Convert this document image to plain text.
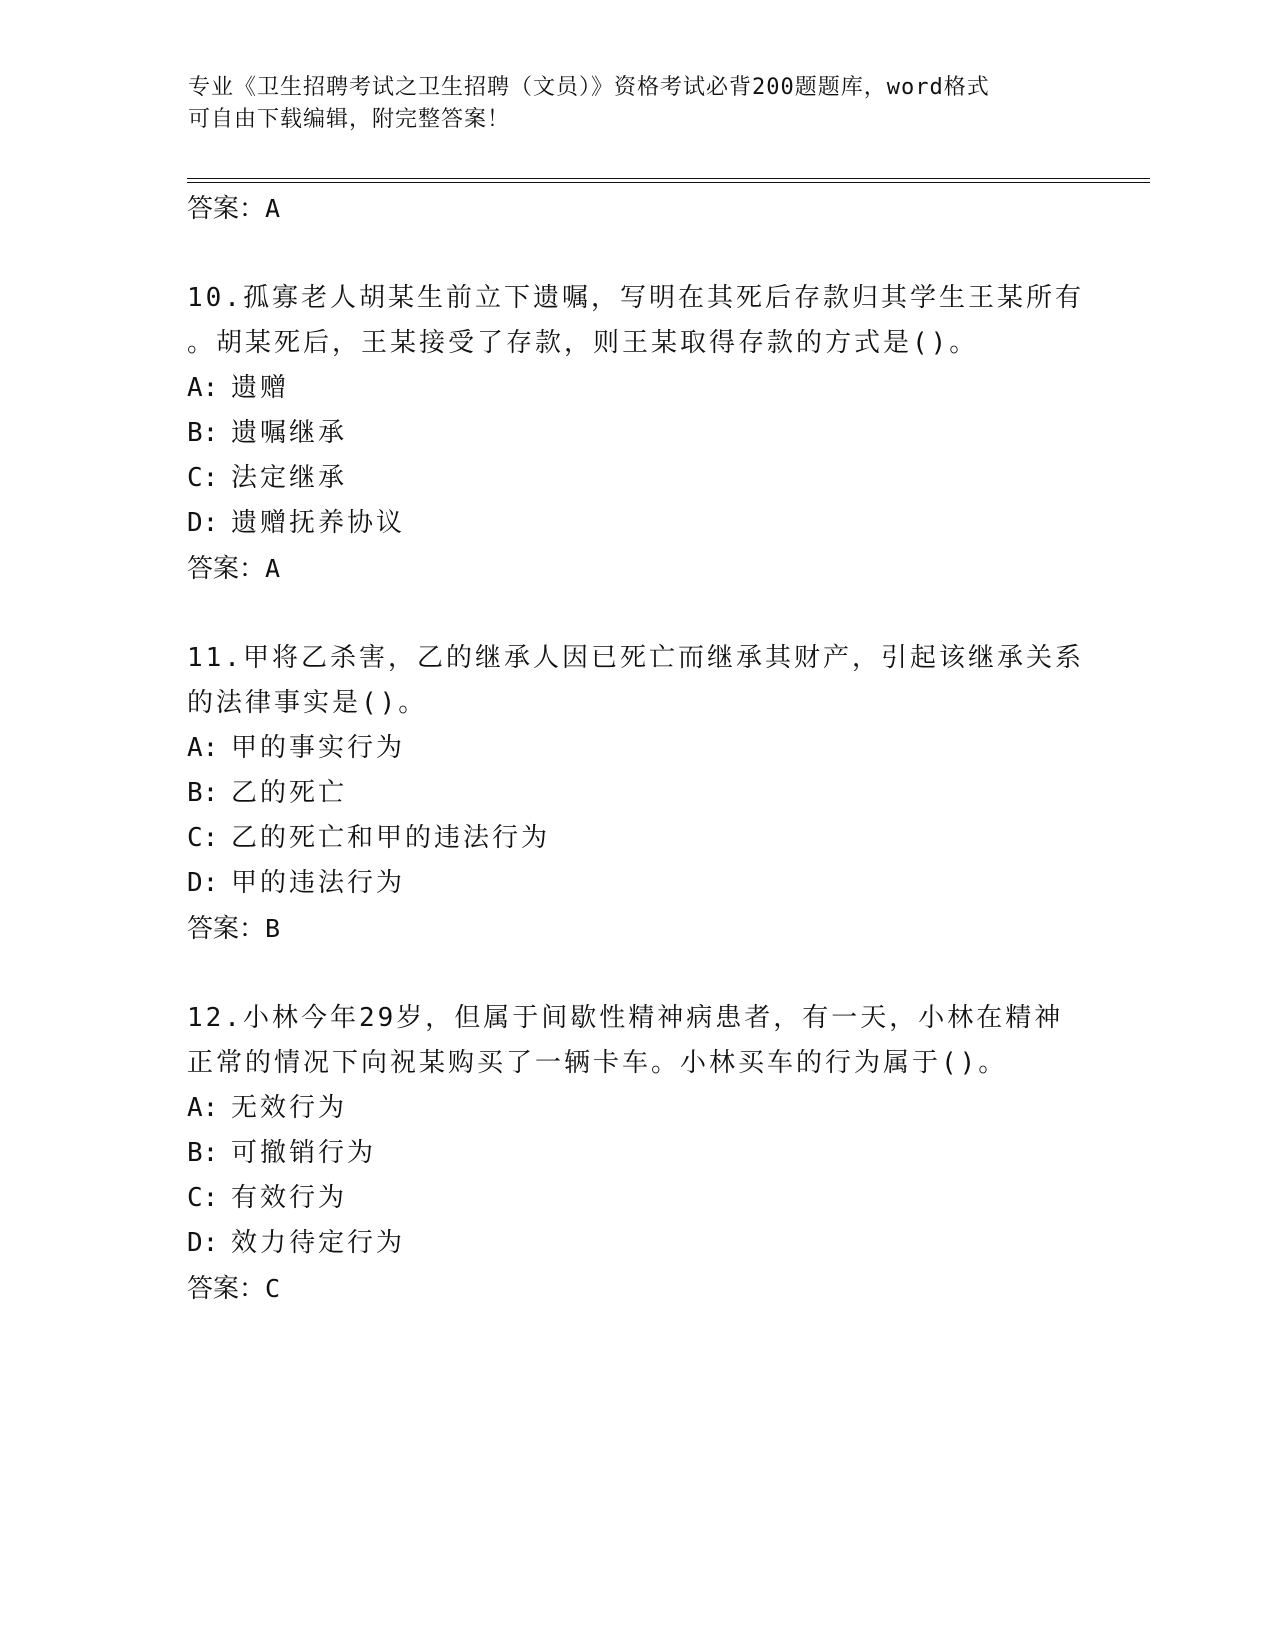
专业《卫生招聘考试之卫生招聘（文员）》资格考试必背200题题库，word格式
可自由下载编辑，附完整答案！
答案：A
10.孤寡老人胡某生前立下遗嘱，写明在其死后存款归其学生王某所有
。胡某死后，王某接受了存款，则王某取得存款的方式是()。
A: 遗赠
B: 遗嘱继承
C: 法定继承
D: 遗赠抚养协议
答案：A
11.甲将乙杀害，乙的继承人因已死亡而继承其财产，引起该继承关系
的法律事实是()。
A: 甲的事实行为
B: 乙的死亡
C: 乙的死亡和甲的违法行为
D: 甲的违法行为
答案：B
12.小林今年29岁，但属于间歇性精神病患者，有一天，小林在精神
正常的情况下向祝某购买了一辆卡车。小林买车的行为属于()。
A: 无效行为
B: 可撤销行为
C: 有效行为
D: 效力待定行为
答案：C
